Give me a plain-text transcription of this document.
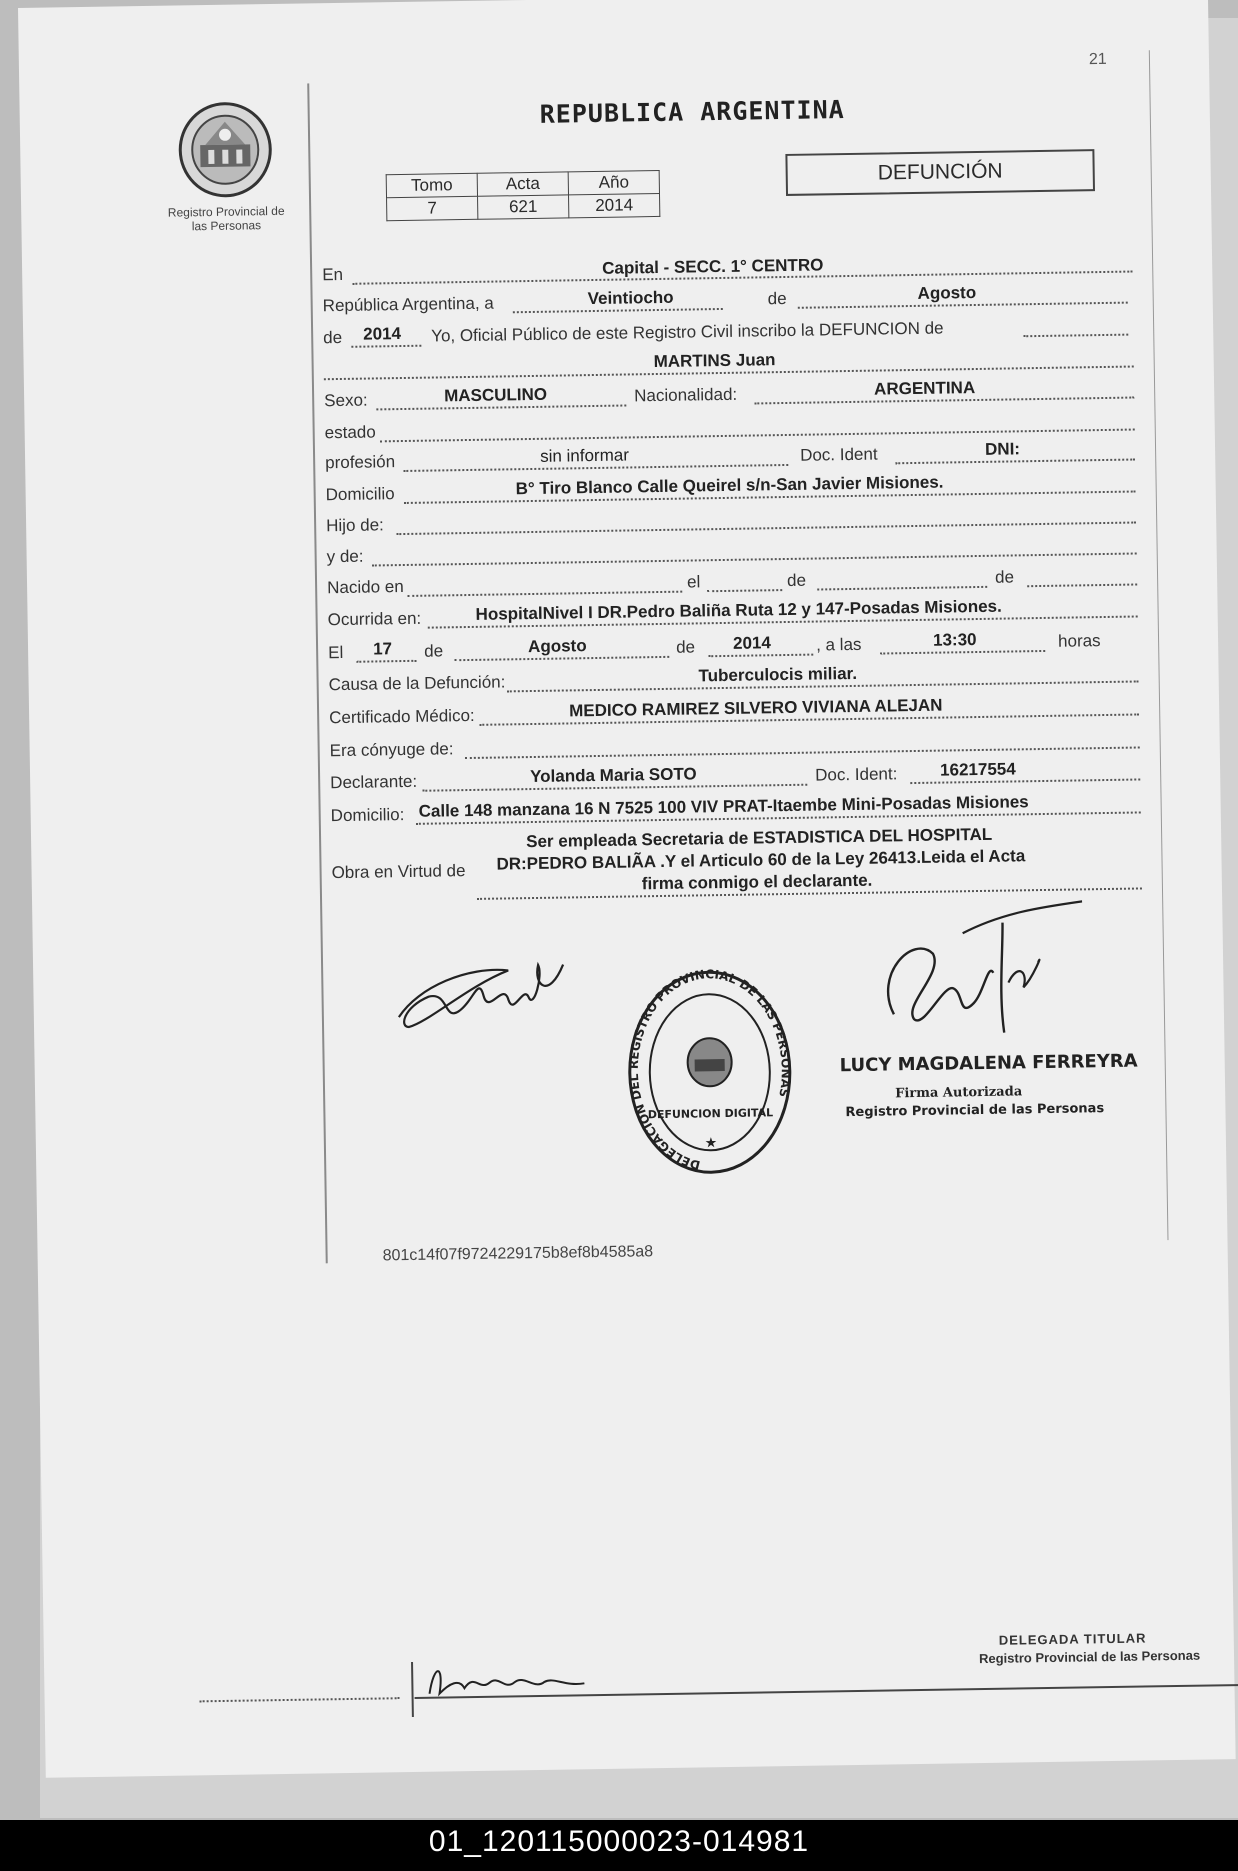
21
Registro Provincial de
las Personas
REPUBLICA ARGENTINA
Tomo	Acta	Año
7	621	2014
DEFUNCIÓN
En	Capital - SECC. 1° CENTRO
República Argentina, a	Veintiocho	de	Agosto
de 2014 Yo, Oficial Público de este Registro Civil inscribo la DEFUNCION de
MARTINS Juan
Sexo:	MASCULINO	Nacionalidad:	ARGENTINA
estado
profesión	sin informar	Doc. Ident	DNI:
Domicilio	B° Tiro Blanco Calle Queirel s/n-San Javier Misiones.
Hijo de:
y de:
Nacido en	el	de	de
Ocurrida en:	HospitalNivel I DR.Pedro Baliña Ruta 12 y 147-Posadas Misiones.
El 17 de	Agosto	de 2014	, a las	13:30	horas
Causa de la Defunción:	Tuberculocis miliar.
Certificado Médico:	MEDICO RAMIREZ SILVERO VIVIANA ALEJAN
Era cónyuge de:
Declarante:	Yolanda Maria SOTO	Doc. Ident: 16217554
Domicilio: Calle 148 manzana 16 N 7525 100 VIV PRAT-Itaembe Mini-Posadas Misiones
Obra en Virtud de
Ser empleada Secretaria de ESTADISTICA DEL HOSPITAL
DR:PEDRO BALIÃA .Y el Articulo 60 de la Ley 26413.Leida el Acta
firma conmigo el declarante.
DELEGACION DEL REGISTRO PROVINCIAL DE LAS PERSONAS
DEFUNCION DIGITAL
★
LUCY MAGDALENA FERREYRA
Firma Autorizada
Registro Provincial de las Personas
801c14f07f9724229175b8ef8b4585a8
DELEGADA TITULAR
Registro Provincial de las Personas
01_120115000023-014981
